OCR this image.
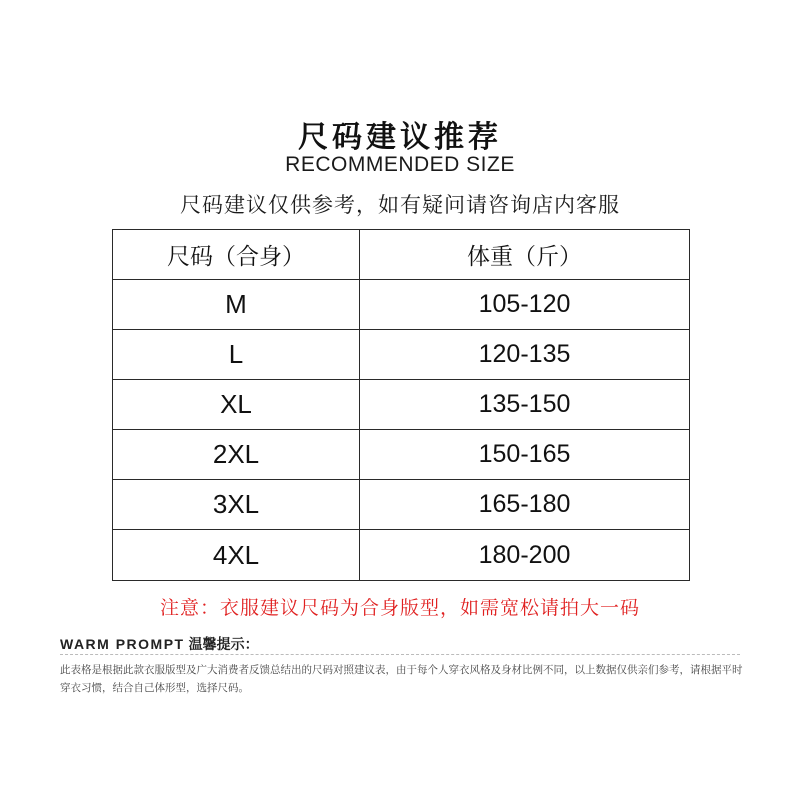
尺码建议推荐
RECOMMENDED SIZE
尺码建议仅供参考，如有疑问请咨询店内客服
尺码（合身）	体重（斤）
M	105-120
L	120-135
XL	135-150
2XL	150-165
3XL	165-180
4XL	180-200
注意：衣服建议尺码为合身版型，如需宽松请拍大一码
WARM PROMPT 温馨提示：
此表格是根据此款衣服版型及广大消费者反馈总结出的尺码对照建议表，由于每个人穿衣风格及身材比例不同，以上数据仅供亲们参考，请根据平时穿衣习惯，结合自己体形型，选择尺码。
